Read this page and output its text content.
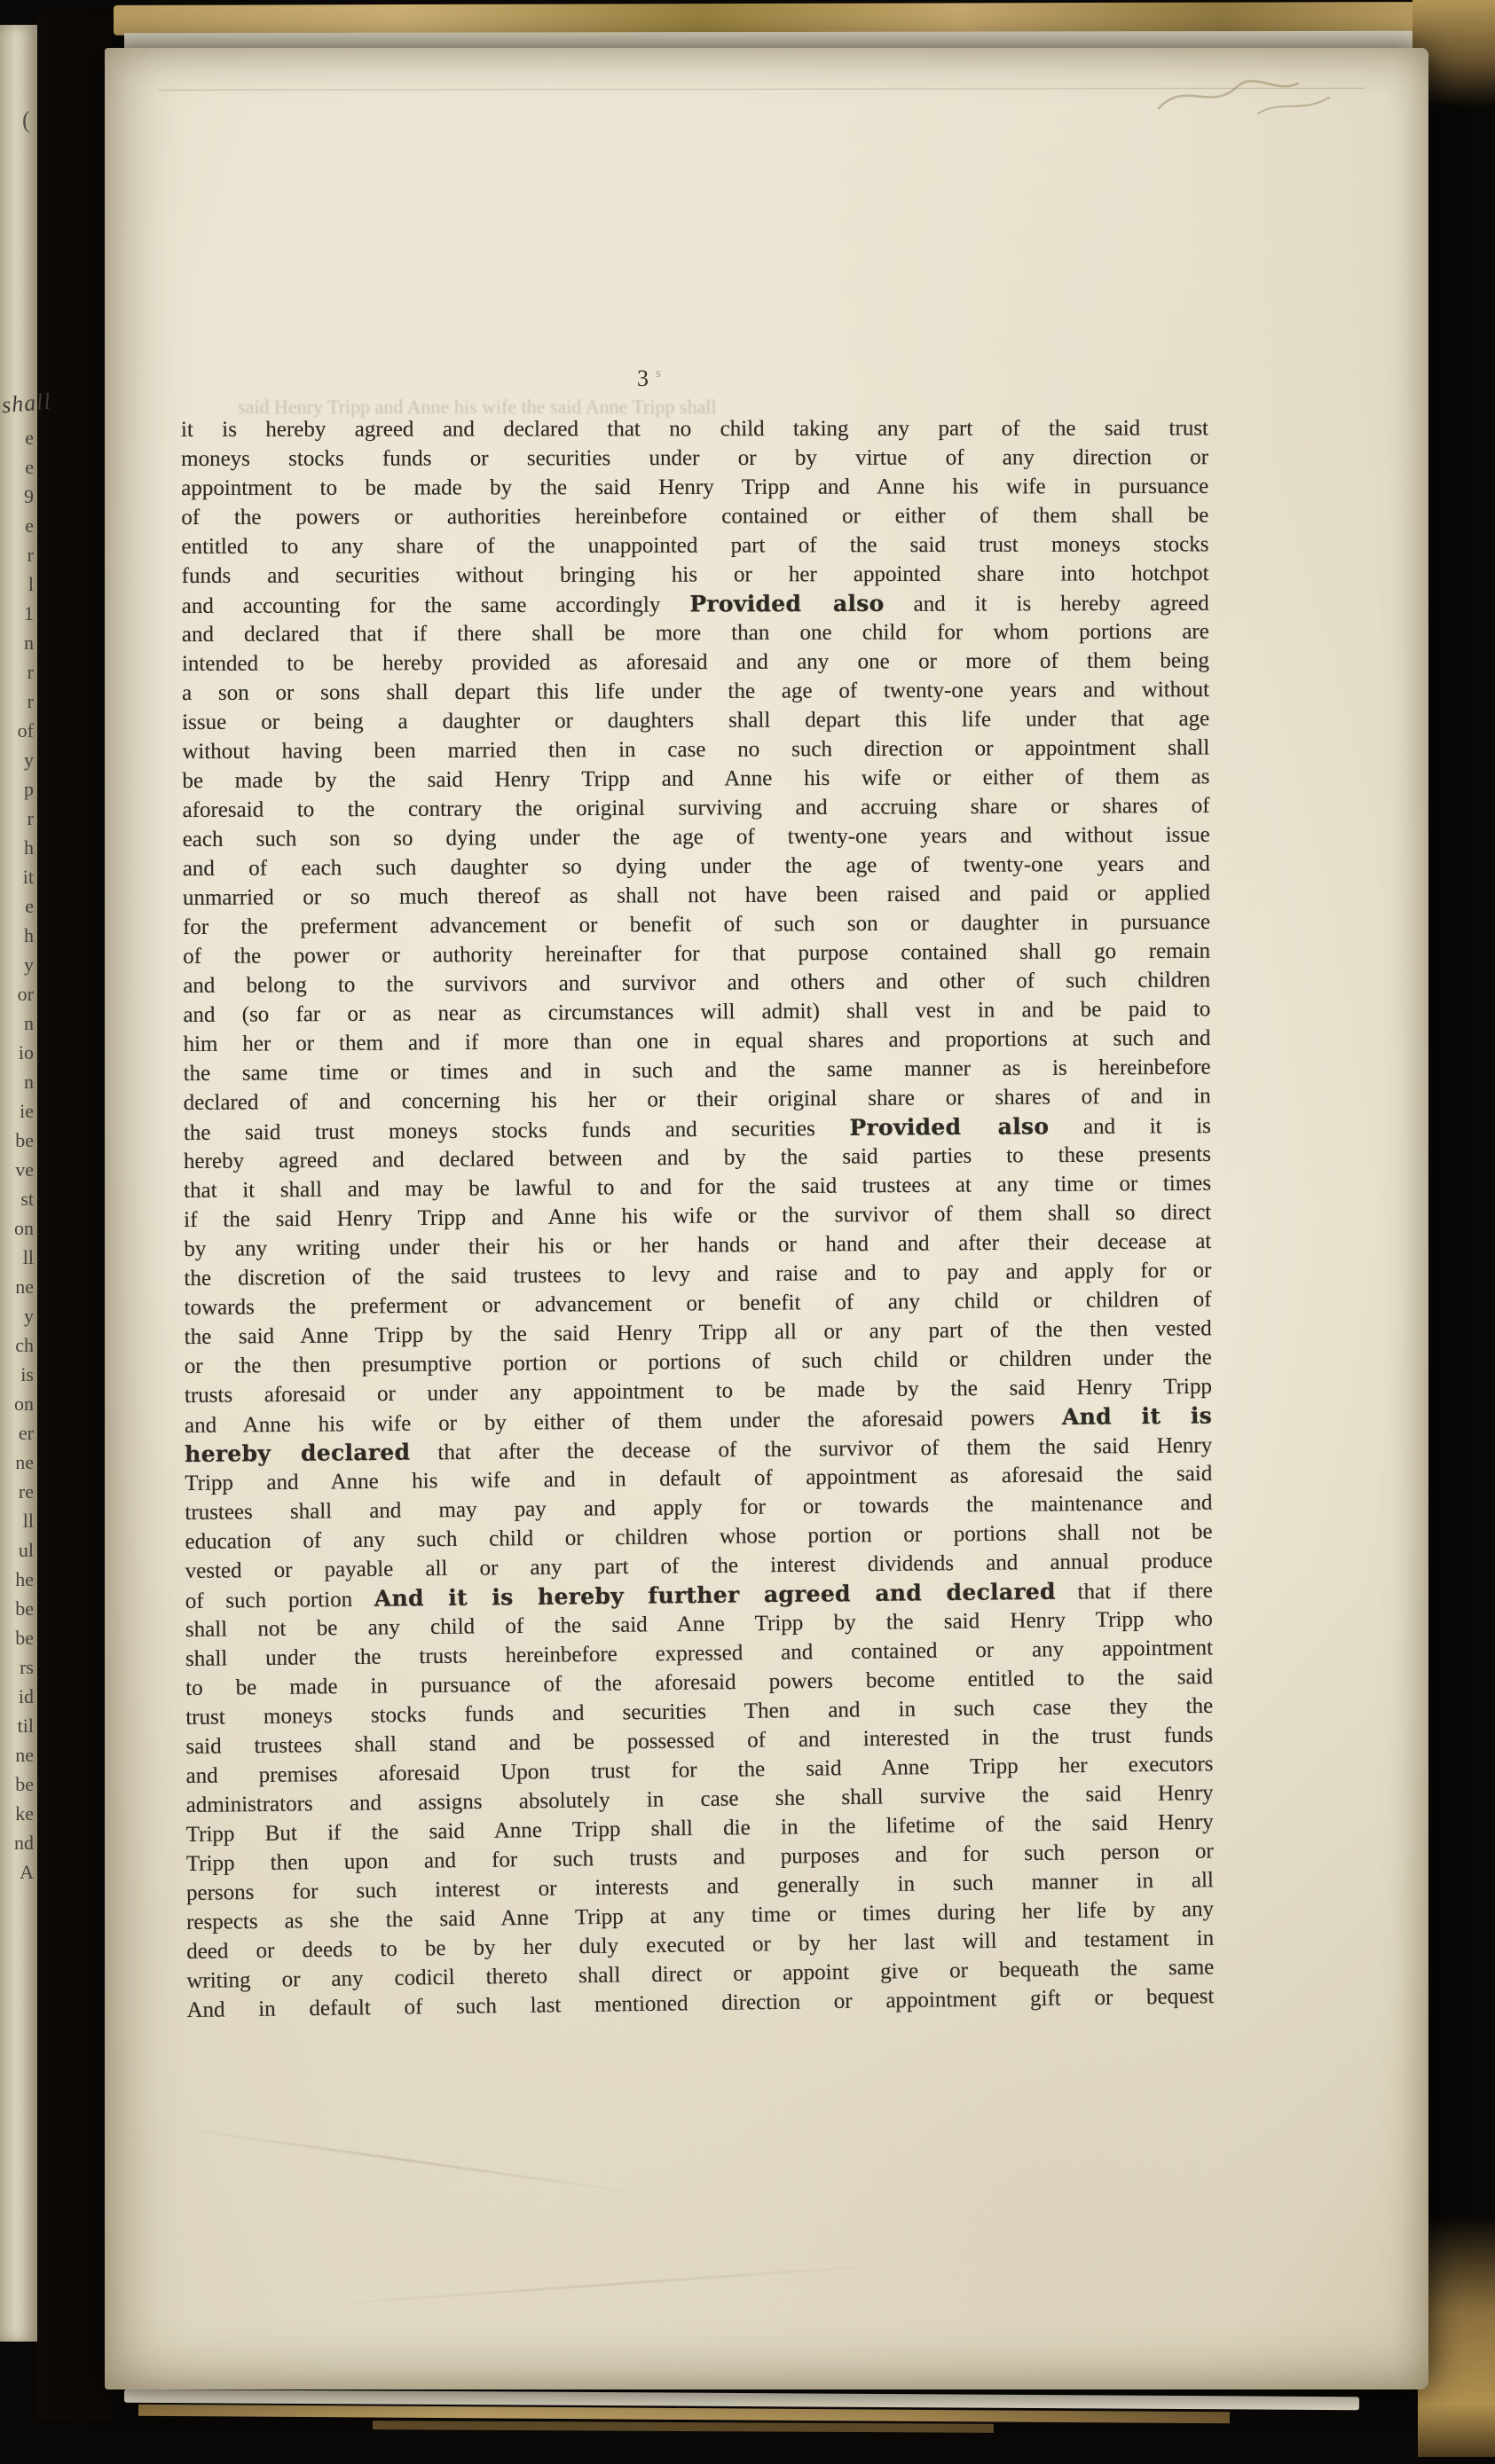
(
e
e
9
e
r
l
1
n
r
r
of
y
p
r
h
it
e
h
y
or
n
io
n
ie
be
ve
st
on
ll
ne
y
ch
is
on
er
ne
re
ll
ul
he
be
be
rs
id
til
ne
be
ke
nd
A
shall
3 $^s$
said Henry Tripp and Anne his wife the said Anne Tripp shall
it is hereby agreed and declared that no child taking any part of the said trust
moneys stocks funds or securities under or by virtue of any direction or
appointment to be made by the said Henry Tripp and Anne his wife in pursuance
of the powers or authorities hereinbefore contained or either of them shall be
entitled to any share of the unappointed part of the said trust moneys stocks
funds and securities without bringing his or her appointed share into hotchpot
and accounting for the same accordingly Provided also and it is hereby agreed
and declared that if there shall be more than one child for whom portions are
intended to be hereby provided as aforesaid and any one or more of them being
a son or sons shall depart this life under the age of twenty-one years and without
issue or being a daughter or daughters shall depart this life under that age
without having been married then in case no such direction or appointment shall
be made by the said Henry Tripp and Anne his wife or either of them as
aforesaid to the contrary the original surviving and accruing share or shares of
each such son so dying under the age of twenty-one years and without issue
and of each such daughter so dying under the age of twenty-one years and
unmarried or so much thereof as shall not have been raised and paid or applied
for the preferment advancement or benefit of such son or daughter in pursuance
of the power or authority hereinafter for that purpose contained shall go remain
and belong to the survivors and survivor and others and other of such children
and (so far or as near as circumstances will admit) shall vest in and be paid to
him her or them and if more than one in equal shares and proportions at such and
the same time or times and in such and the same manner as is hereinbefore
declared of and concerning his her or their original share or shares of and in
the said trust moneys stocks funds and securities Provided also and it is
hereby agreed and declared between and by the said parties to these presents
that it shall and may be lawful to and for the said trustees at any time or times
if the said Henry Tripp and Anne his wife or the survivor of them shall so direct
by any writing under their his or her hands or hand and after their decease at
the discretion of the said trustees to levy and raise and to pay and apply for or
towards the preferment or advancement or benefit of any child or children of
the said Anne Tripp by the said Henry Tripp all or any part of the then vested
or the then presumptive portion or portions of such child or children under the
trusts aforesaid or under any appointment to be made by the said Henry Tripp
and Anne his wife or by either of them under the aforesaid powers And it is
hereby declared that after the decease of the survivor of them the said Henry
Tripp and Anne his wife and in default of appointment as aforesaid the said
trustees shall and may pay and apply for or towards the maintenance and
education of any such child or children whose portion or portions shall not be
vested or payable all or any part of the interest dividends and annual produce
of such portion And it is hereby further agreed and declared that if there
shall not be any child of the said Anne Tripp by the said Henry Tripp who
shall under the trusts hereinbefore expressed and contained or any appointment
to be made in pursuance of the aforesaid powers become entitled to the said
trust moneys stocks funds and securities Then and in such case they the
said trustees shall stand and be possessed of and interested in the trust funds
and premises aforesaid Upon trust for the said Anne Tripp her executors
administrators and assigns absolutely in case she shall survive the said Henry
Tripp But if the said Anne Tripp shall die in the lifetime of the said Henry
Tripp then upon and for such trusts and purposes and for such person or
persons for such interest or interests and generally in such manner in all
respects as she the said Anne Tripp at any time or times during her life by any
deed or deeds to be by her duly executed or by her last will and testament in
writing or any codicil thereto shall direct or appoint give or bequeath the same
And in default of such last mentioned direction or appointment gift or bequest
